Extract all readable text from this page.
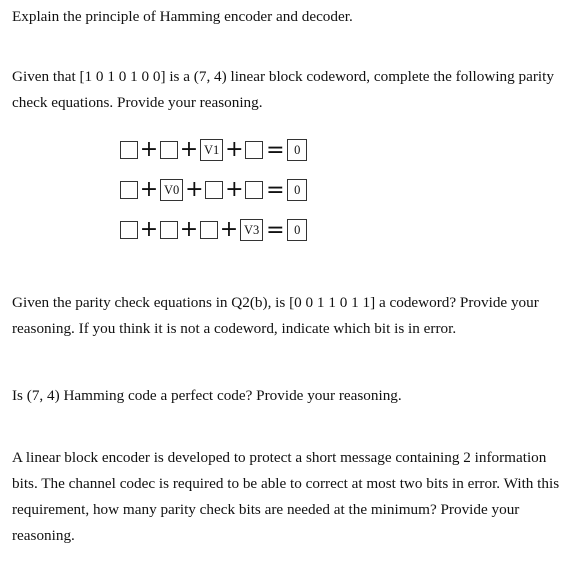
Explain the principle of Hamming encoder and decoder.

Given that [1 0 1 0 1 0 0] is a (7, 4) linear block codeword, complete the following parity check equations. Provide your reasoning.

+ + V1 + = 0
+ V0 + + = 0
+ + + V3 = 0

Given the parity check equations in Q2(b), is [0 0 1 1 0 1 1] a codeword? Provide your reasoning. If you think it is not a codeword, indicate which bit is in error.

Is (7, 4) Hamming code a perfect code? Provide your reasoning.

A linear block encoder is developed to protect a short message containing 2 information bits. The channel codec is required to be able to correct at most two bits in error. With this requirement, how many parity check bits are needed at the minimum? Provide your reasoning.
